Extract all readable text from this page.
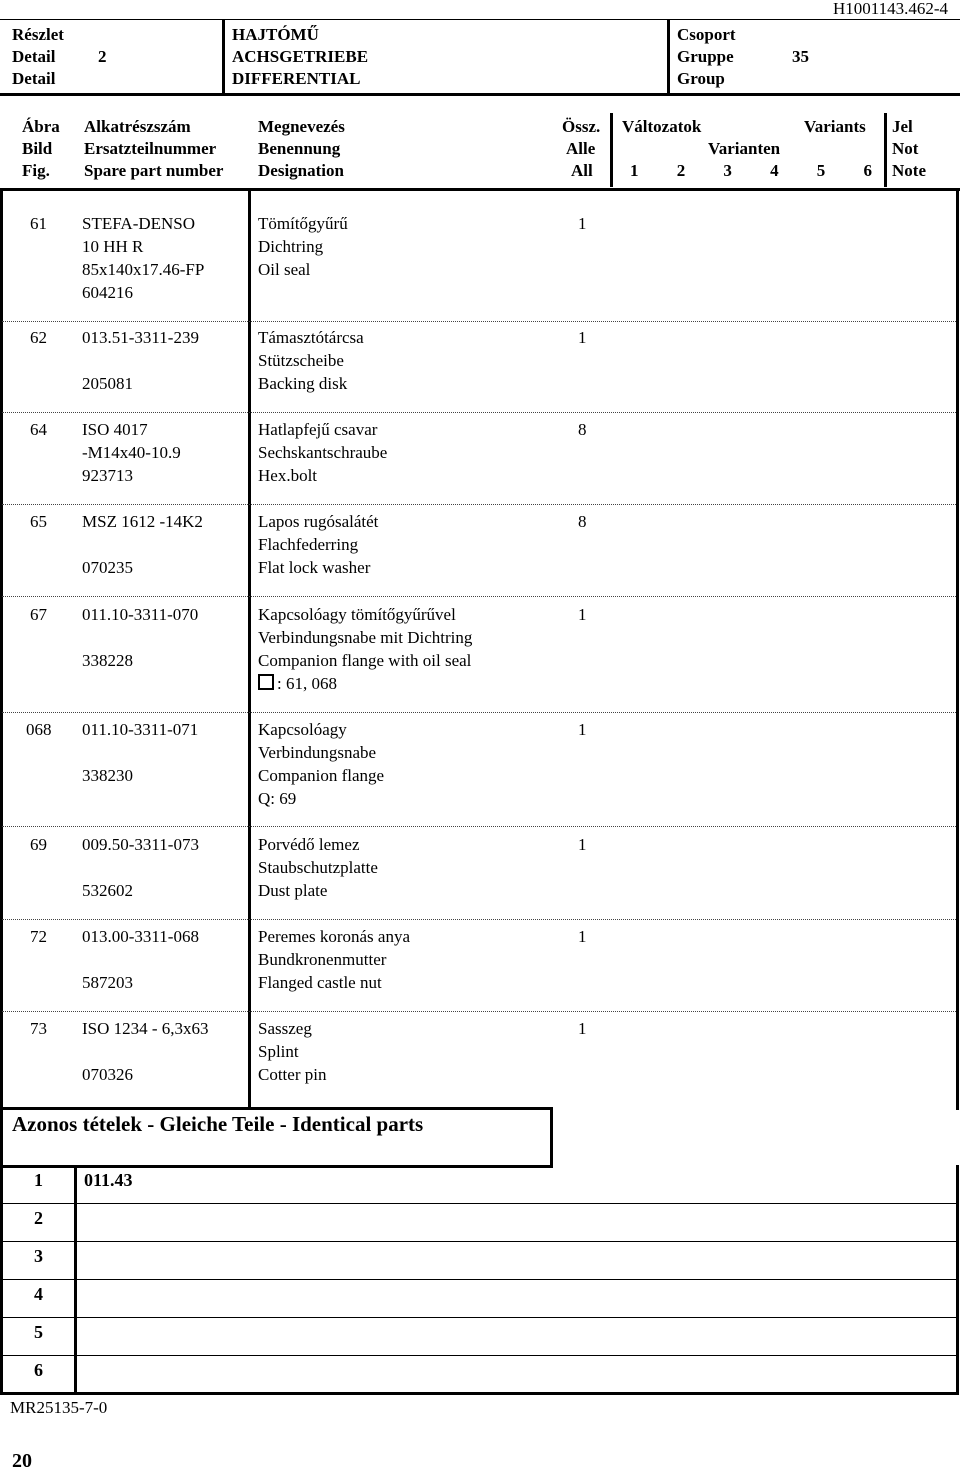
H1001143.462-4
Részlet
Detail
Detail
2
HAJTÓMŰ
ACHSGETRIEBE
DIFFERENTIAL
Csoport
Gruppe
Group
35
Ábra
Bild
Fig.
Alkatrészszám
Ersatzteilnummer
Spare part number
Megnevezés
Benennung
Designation
Össz.
Alle
All
Változatok	Variants
Varianten
1 2 3 4 5 6
Jel
Not
Note
61 STEFA-DENSO
10 HH R
85x140x17.46-FP
604216
Tömítőgyűrű
Dichtring
Oil seal
1
62 013.51-3311-239

205081
Támasztótárcsa
Stützscheibe
Backing disk
1
64 ISO 4017
-M14x40-10.9
923713
Hatlapfejű csavar
Sechskantschraube
Hex.bolt
8
65 MSZ 1612 -14K2

070235
Lapos rugósalátét
Flachfederring
Flat lock washer
8
67 011.10-3311-070

338228
Kapcsolóagy tömítőgyűrűvel
Verbindungsnabe mit Dichtring
Companion flange with oil seal
: 61, 068
1
068 011.10-3311-071

338230
Kapcsolóagy
Verbindungsnabe
Companion flange
Q: 69
1
69 009.50-3311-073

532602
Porvédő lemez
Staubschutzplatte
Dust plate
1
72 013.00-3311-068

587203
Peremes koronás anya
Bundkronenmutter
Flanged castle nut
1
73 ISO 1234 - 6,3x63

070326
Sasszeg
Splint
Cotter pin
1
Azonos tételek - Gleiche Teile - Identical parts
1 011.43
2
3
4
5
6
MR25135-7-0
20
